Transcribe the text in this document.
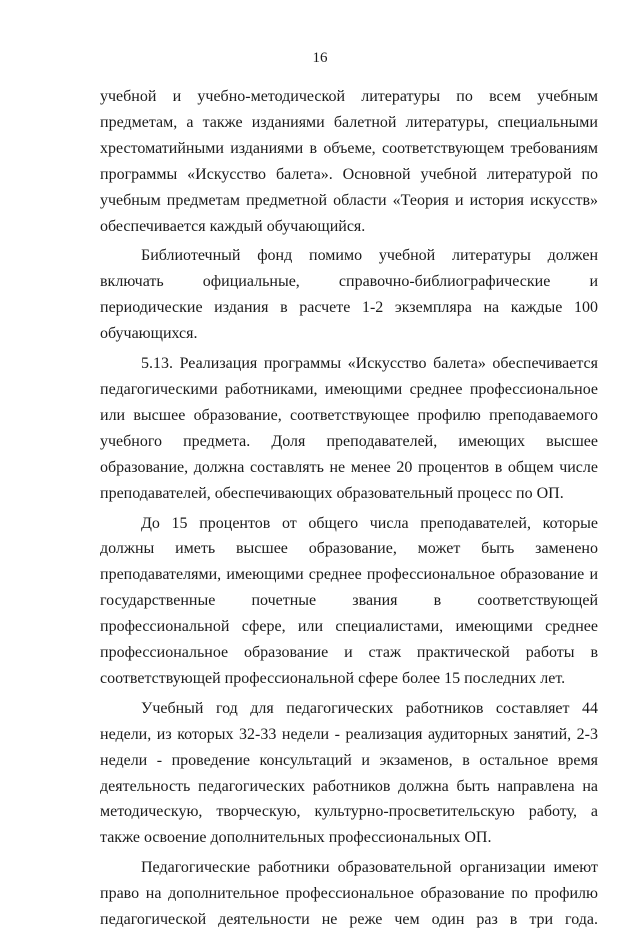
16

учебной и учебно-методической литературы по всем учебным предметам, а также изданиями балетной литературы, специальными хрестоматийными изданиями в объеме, соответствующем требованиям программы «Искусство балета». Основной учебной литературой по учебным предметам предметной области «Теория и история искусств» обеспечивается каждый обучающийся.

Библиотечный фонд помимо учебной литературы должен включать официальные, справочно-библиографические и периодические издания в расчете 1-2 экземпляра на каждые 100 обучающихся.

5.13. Реализация программы «Искусство балета» обеспечивается педагогическими работниками, имеющими среднее профессиональное или высшее образование, соответствующее профилю преподаваемого учебного предмета. Доля преподавателей, имеющих высшее образование, должна составлять не менее 20 процентов в общем числе преподавателей, обеспечивающих образовательный процесс по ОП.

До 15 процентов от общего числа преподавателей, которые должны иметь высшее образование, может быть заменено преподавателями, имеющими среднее профессиональное образование и государственные почетные звания в соответствующей профессиональной сфере, или специалистами, имеющими среднее профессиональное образование и стаж практической работы в соответствующей профессиональной сфере более 15 последних лет.

Учебный год для педагогических работников составляет 44 недели, из которых 32-33 недели - реализация аудиторных занятий, 2-3 недели - проведение консультаций и экзаменов, в остальное время деятельность педагогических работников должна быть направлена на методическую, творческую, культурно-просветительскую работу, а также освоение дополнительных профессиональных ОП.

Педагогические работники образовательной организации имеют право на дополнительное профессиональное образование по профилю педагогической деятельности не реже чем один раз в три года.
